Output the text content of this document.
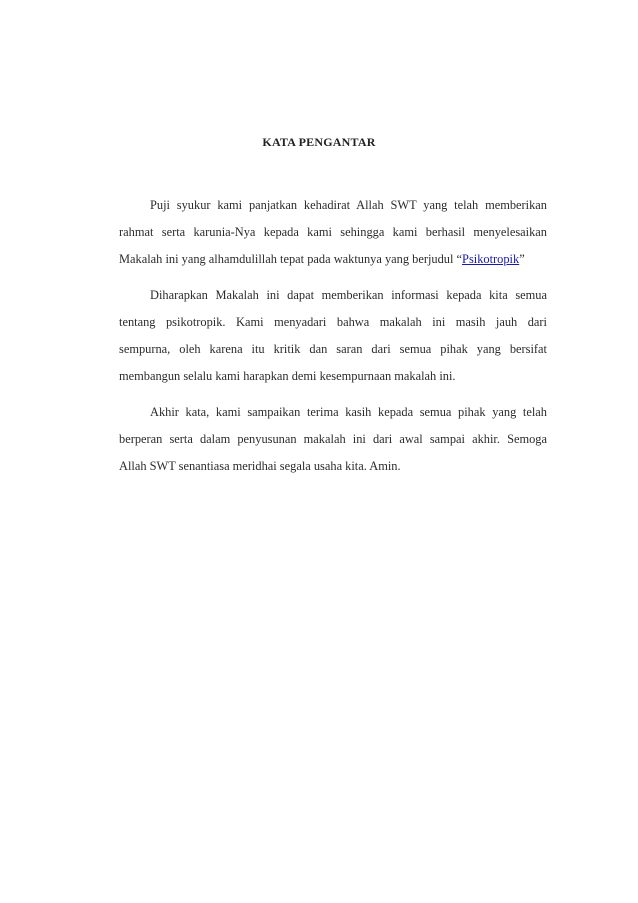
KATA PENGANTAR
Puji syukur kami panjatkan kehadirat Allah SWT yang telah memberikan
rahmat serta karunia-Nya kepada kami sehingga kami berhasil menyelesaikan
Makalah ini yang alhamdulillah tepat pada waktunya yang berjudul “Psikotropik”
Diharapkan Makalah ini dapat memberikan informasi kepada kita semua
tentang psikotropik. Kami menyadari bahwa makalah ini masih jauh dari
sempurna, oleh karena itu kritik dan saran dari semua pihak yang bersifat
membangun selalu kami harapkan demi kesempurnaan makalah ini.
Akhir kata, kami sampaikan terima kasih kepada semua pihak yang telah
berperan serta dalam penyusunan makalah ini dari awal sampai akhir. Semoga
Allah SWT senantiasa meridhai segala usaha kita. Amin.
